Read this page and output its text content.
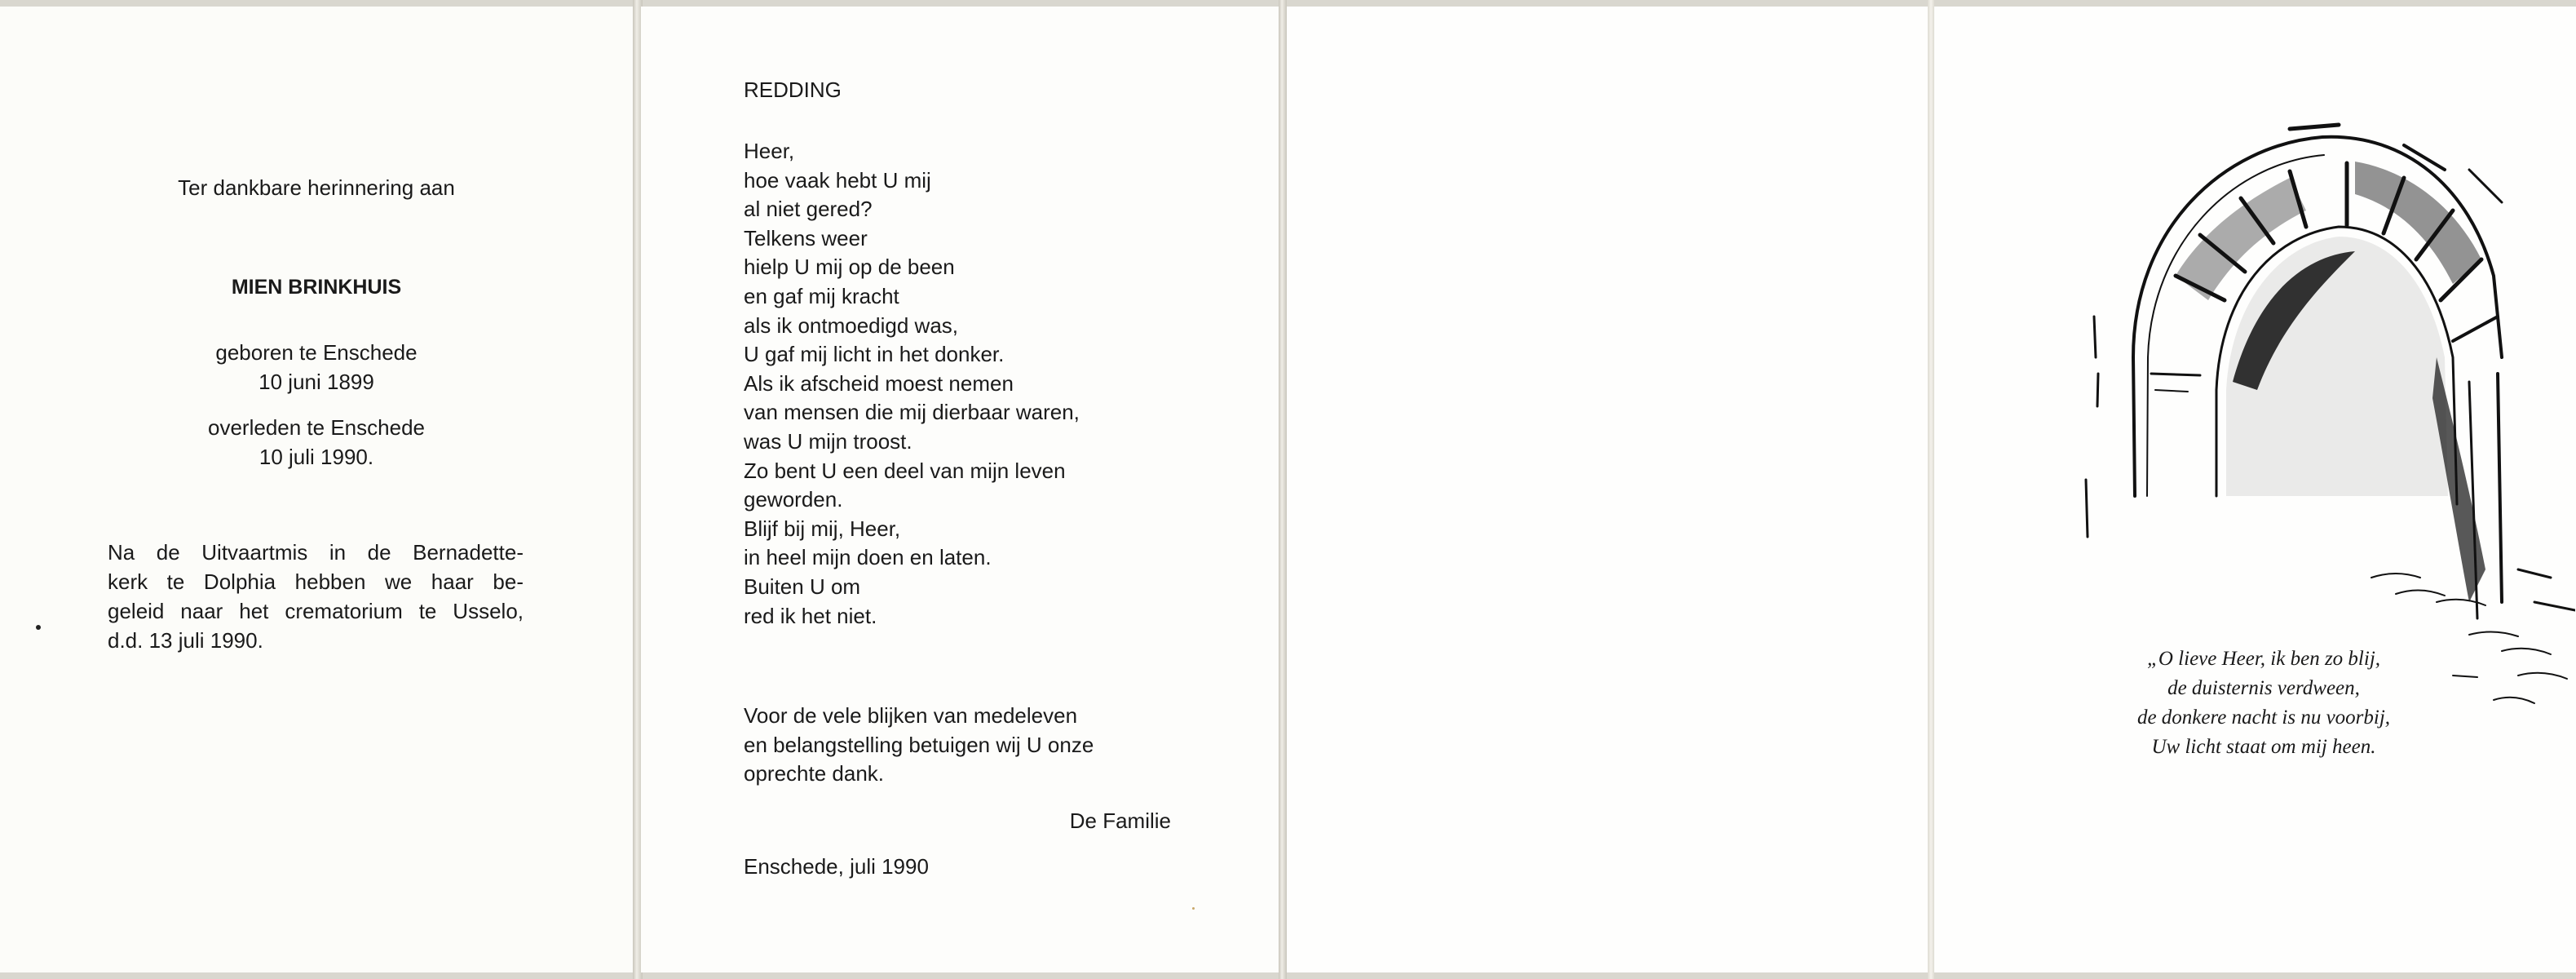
Ter dankbare herinnering aan
MIEN BRINKHUIS
geboren te Enschede
10 juni 1899
overleden te Enschede
10 juli 1990.
Na de Uitvaartmis in de Bernadette-
kerk te Dolphia hebben we haar be-
geleid naar het crematorium te Usselo,
d.d. 13 juli 1990.
REDDING
Heer,
hoe vaak hebt U mij
al niet gered?
Telkens weer
hielp U mij op de been
en gaf mij kracht
als ik ontmoedigd was,
U gaf mij licht in het donker.
Als ik afscheid moest nemen
van mensen die mij dierbaar waren,
was U mijn troost.
Zo bent U een deel van mijn leven
geworden.
Blijf bij mij, Heer,
in heel mijn doen en laten.
Buiten U om
red ik het niet.
Voor de vele blijken van medeleven
en belangstelling betuigen wij U onze
oprechte dank.
De Familie
Enschede, juli 1990
„O lieve Heer, ik ben zo blij,
de duisternis verdween,
de donkere nacht is nu voorbij,
Uw licht staat om mij heen.
